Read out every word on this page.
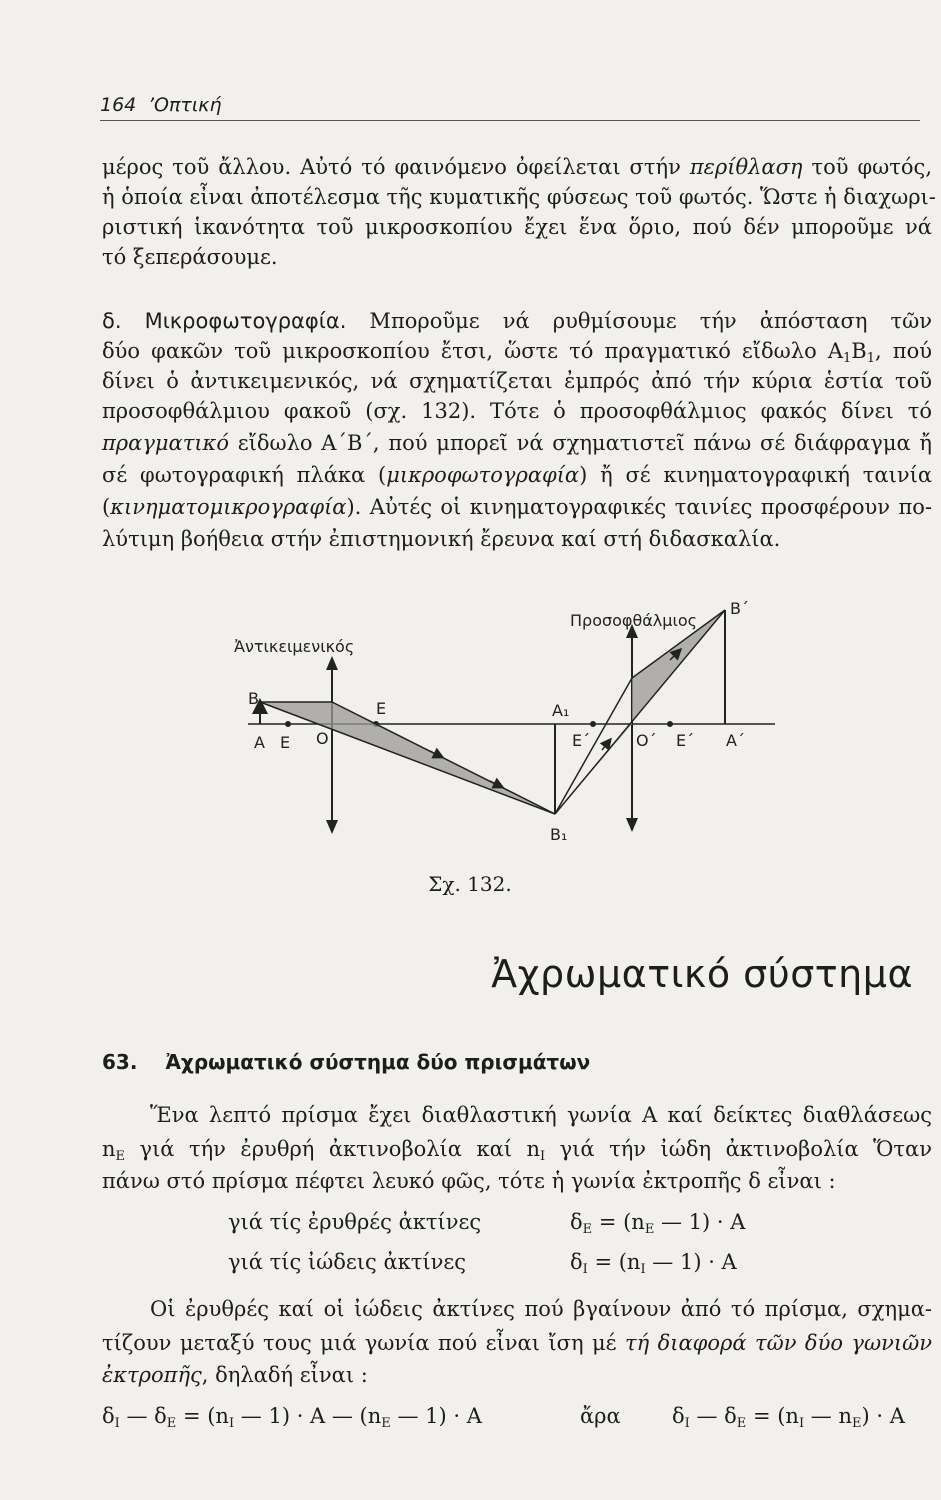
164 ’Οπτική
μέρος τοῦ ἄλλου. Αὐτό τό φαινόμενο ὀφείλεται στήν περίθλαση τοῦ φωτός,
ἡ ὁποία εἶναι ἀποτέλεσμα τῆς κυματικῆς φύσεως τοῦ φωτός. Ὥστε ἡ διαχωρι-
ριστική ἱκανότητα τοῦ μικροσκοπίου ἔχει ἕνα ὅριο, πού δέν μποροῦμε νά
τό ξεπεράσουμε.
δ. Μικροφωτογραφία. Μποροῦμε νά ρυθμίσουμε τήν ἀπόσταση τῶν
δύο φακῶν τοῦ μικροσκοπίου ἔτσι, ὥστε τό πραγματικό εἴδωλο $A_1B_1$, πού
δίνει ὁ ἀντικειμενικός, νά σχηματίζεται ἐμπρός ἀπό τήν κύρια ἑστία τοῦ
προσοφθάλμιου φακοῦ (σχ. 132). Τότε ὁ προσοφθάλμιος φακός δίνει τό
πραγματικό εἴδωλο Α΄Β΄, πού μπορεῖ νά σχηματιστεῖ πάνω σέ διάφραγμα ἤ
σέ φωτογραφική πλάκα (μικροφωτογραφία) ἤ σέ κινηματογραφική ταινία
(κινηματομικρογραφία). Αὐτές οἱ κινηματογραφικές ταινίες προσφέρουν πο-
λύτιμη βοήθεια στήν ἐπιστημονική ἔρευνα καί στή διδασκαλία.
Ἀντικειμενικός
Προσοφθάλμιος
Β
Α Ε Ο
Ε	Α₁
Β₁
Ε΄	Ο΄ Ε΄ Α΄
Β΄
Σχ. 132.
Ἀχρωματικό σύστημα
63. Ἀχρωματικό σύστημα δύο πρισμάτων
Ἕνα λεπτό πρίσμα ἔχει διαθλαστική γωνία Α καί δείκτες διαθλάσεως
$n_E$ γιά τήν ἐρυθρή ἀκτινοβολία καί $n_I$ γιά τήν ἰώδη ἀκτινοβολία Ὅταν
πάνω στό πρίσμα πέφτει λευκό φῶς, τότε ἡ γωνία ἐκτροπῆς δ εἶναι :
γιά τίς ἐρυθρές ἀκτίνες	$\delta_E = (n_E$ — 1) · Α
γιά τίς ἰώδεις ἀκτίνες	$\delta_I = (n_I$ — 1) · Α
Οἱ ἐρυθρές καί οἱ ἰώδεις ἀκτίνες πού βγαίνουν ἀπό τό πρίσμα, σχημα-
τίζουν μεταξύ τους μιά γωνία πού εἶναι ἴση μέ τή διαφορά τῶν δύο γωνιῶν
ἐκτροπῆς, δηλαδή εἶναι :
$\delta_I$ — $\delta_E = (n_I$ — 1) · Α — ($n_E$ — 1) · Α	ἄρα $\delta_I$ — $\delta_E = (n_I$ — $n_E) \cdot A$
